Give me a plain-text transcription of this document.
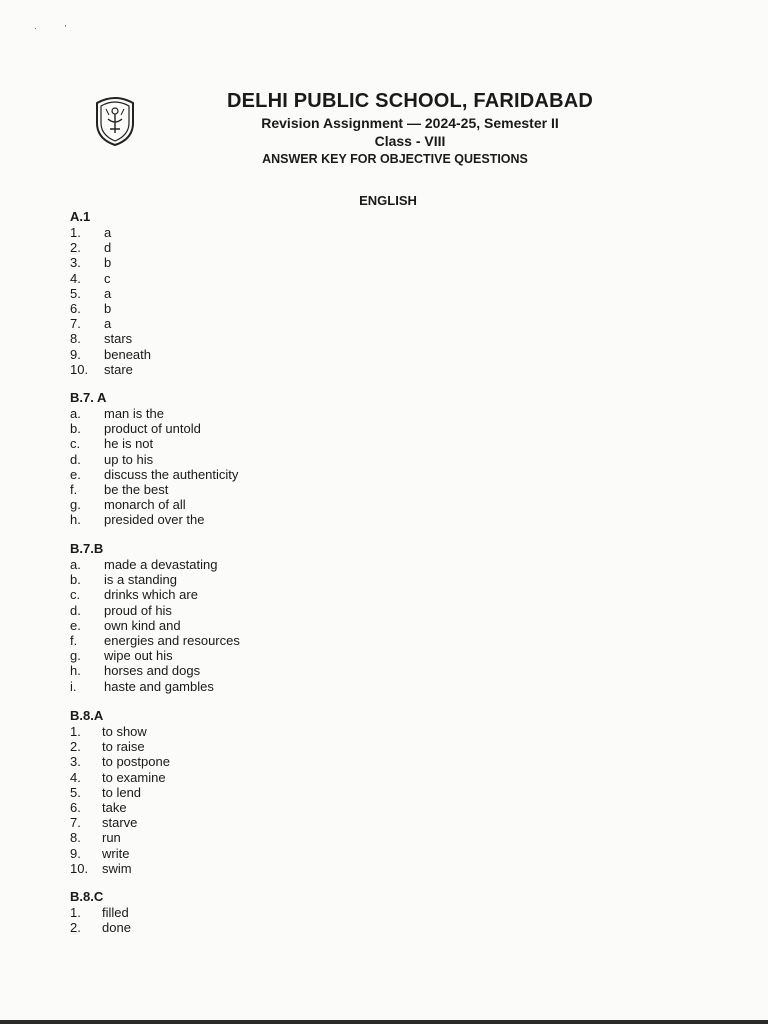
·’
DELHI PUBLIC SCHOOL, FARIDABAD
Revision Assignment — 2024-25, Semester II
Class - VIII
ANSWER KEY FOR OBJECTIVE QUESTIONS
ENGLISH
A.1
1.	a
2.	d
3.	b
4.	c
5.	a
6.	b
7.	a
8.	stars
9.	beneath
10.	stare
B.7. A
a.	man is the
b.	product of untold
c.	he is not
d.	up to his
e.	discuss the authenticity
f.	be the best
g.	monarch of all
h.	presided over the
B.7.B
a.	made a devastating
b.	is a standing
c.	drinks which are
d.	proud of his
e.	own kind and
f.	energies and resources
g.	wipe out his
h.	horses and dogs
i.	haste and gambles
B.8.A
1.	to show
2.	to raise
3.	to postpone
4.	to examine
5.	to lend
6.	take
7.	starve
8.	run
9.	write
10.	swim
B.8.C
1.	filled
2.	done
